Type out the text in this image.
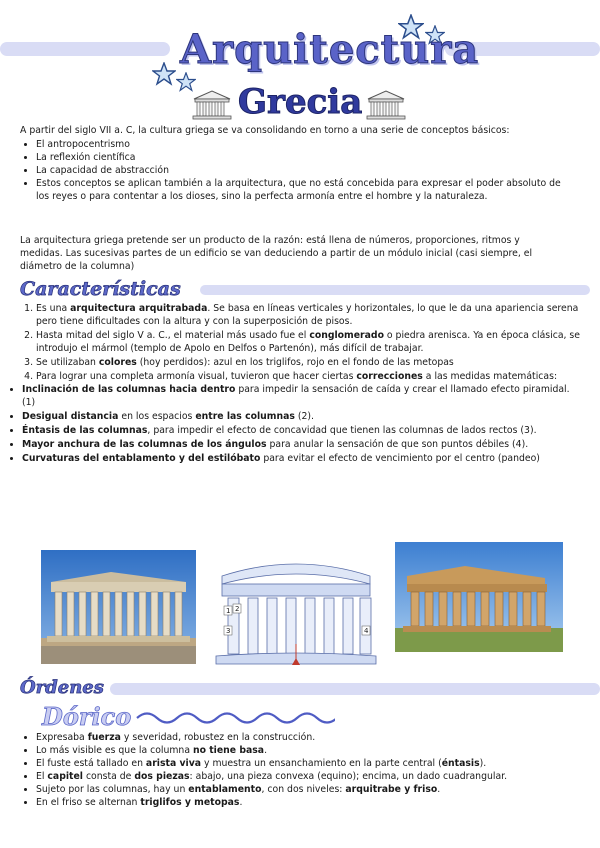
Arquitectura
Grecia
A partir del siglo VII a. C, la cultura griega se va consolidando en torno a una serie de conceptos básicos:
• El antropocentrismo
• La reflexión científica
• La capacidad de abstracción
• Estos conceptos se aplican también a la arquitectura, que no está concebida para expresar el poder absoluto de los reyes o para contentar a los dioses, sino la perfecta armonía entre el hombre y la naturaleza.
La arquitectura griega pretende ser un producto de la razón: está llena de números, proporciones, ritmos y medidas. Las sucesivas partes de un edificio se van deduciendo a partir de un módulo inicial (casi siempre, el diámetro de la columna)
Características
1. Es una arquitectura arquitrabada. Se basa en líneas verticales y horizontales, lo que le da una apariencia serena pero tiene dificultades con la altura y con la superposición de pisos.
2. Hasta mitad del siglo V a. C., el material más usado fue el conglomerado o piedra arenisca. Ya en época clásica, se introdujo el mármol (templo de Apolo en Delfos o Partenón), más difícil de trabajar.
3. Se utilizaban colores (hoy perdidos): azul en los triglifos, rojo en el fondo de las metopas
4. Para lograr una completa armonía visual, tuvieron que hacer ciertas correcciones a las medidas matemáticas:
• Inclinación de las columnas hacia dentro para impedir la sensación de caída y crear el llamado efecto piramidal. (1)
• Desigual distancia en los espacios entre las columnas (2).
• Éntasis de las columnas, para impedir el efecto de concavidad que tienen las columnas de lados rectos (3).
• Mayor anchura de las columnas de los ángulos para anular la sensación de que son puntos débiles (4).
• Curvaturas del entablamento y del estilóbato para evitar el efecto de vencimiento por el centro (pandeo)
1 2
3	4
Órdenes
Dórico
• Expresaba fuerza y severidad, robustez en la construcción.
• Lo más visible es que la columna no tiene basa.
• El fuste está tallado en arista viva y muestra un ensanchamiento en la parte central (éntasis).
• El capitel consta de dos piezas: abajo, una pieza convexa (equino); encima, un dado cuadrangular.
• Sujeto por las columnas, hay un entablamento, con dos niveles: arquitrabe y friso.
• En el friso se alternan triglifos y metopas.
